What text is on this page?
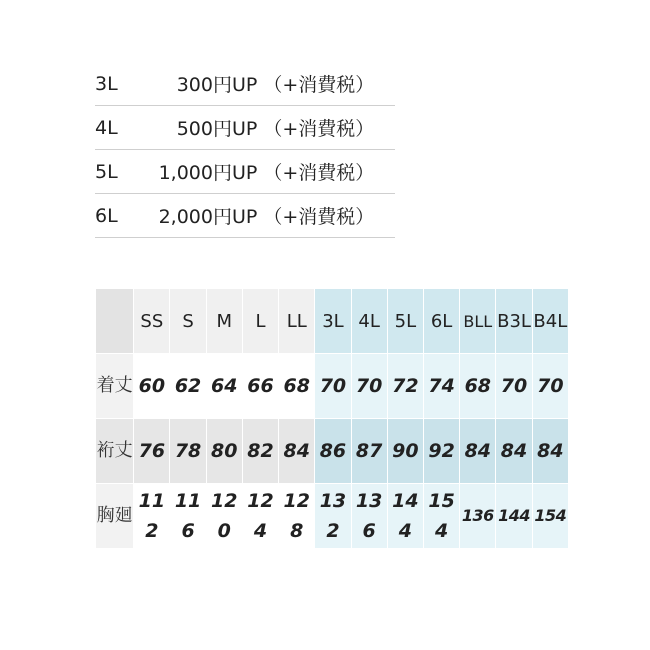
3L	300円UP	（+消費税）
4L	500円UP	（+消費税）
5L	1,000円UP	（+消費税）
6L	2,000円UP	（+消費税）
	SS	S	M	L	LL	3L	4L	5L	6L	BLL	B3L	B4L
着丈	60	62	64	66	68	70	70	72	74	68	70	70
裄丈	76	78	80	82	84	86	87	90	92	84	84	84
胸廻	112	116	120	124	128	132	136	144	154	136	144	154
